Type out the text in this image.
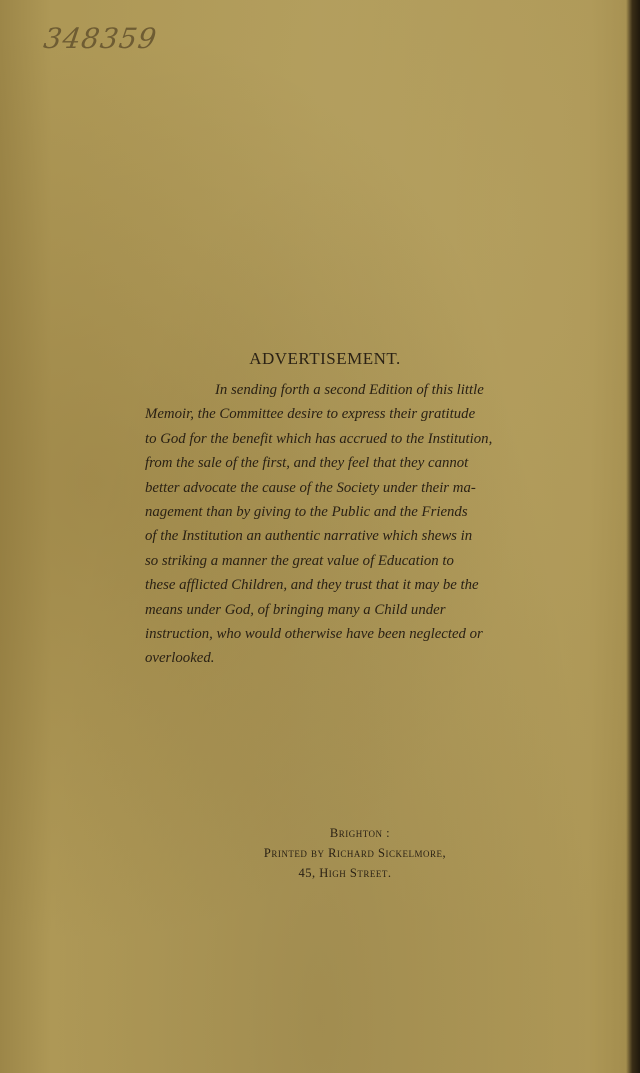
348359
ADVERTISEMENT.
In sending forth a second Edition of this little
Memoir, the Committee desire to express their gratitude
to God for the benefit which has accrued to the Institution,
from the sale of the first, and they feel that they cannot
better advocate the cause of the Society under their ma-
nagement than by giving to the Public and the Friends
of the Institution an authentic narrative which shews in
so striking a manner the great value of Education to
these afflicted Children, and they trust that it may be the
means under God, of bringing many a Child under
instruction, who would otherwise have been neglected or
overlooked.
Brighton :
Printed by Richard Sickelmore,
45, High Street.
